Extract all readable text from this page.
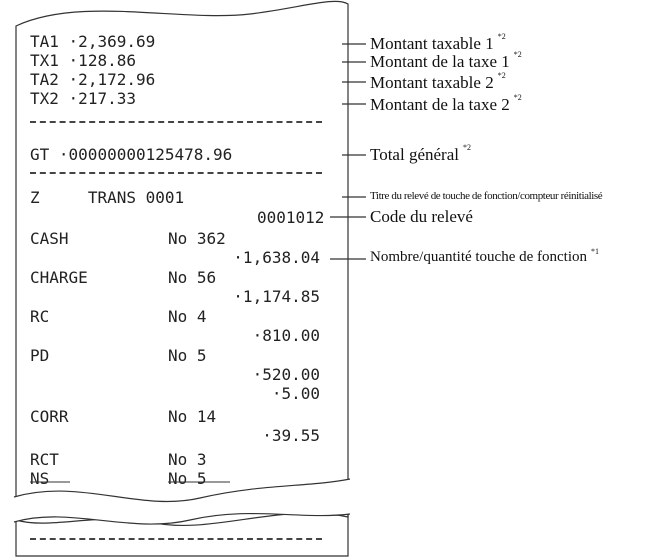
TA1 ·2,369.69
TX1 ·128.86
TA2 ·2,172.96
TX2 ·217.33
GT ·00000000125478.96
Z	TRANS 0001
0001012
CASH	No 362
·1,638.04
CHARGE	No 56
·1,174.85
RC	No 4
·810.00
PD	No 5
·520.00
·5.00
CORR	No 14
·39.55
RCT	No 3
NS	No 5
Montant taxable 1 $^{*2}$
Montant de la taxe 1 $^{*2}$
Montant taxable 2 $^{*2}$
Montant de la taxe 2 $^{*2}$
Total général $^{*2}$
Titre du relevé de touche de fonction/compteur réinitialisé
Code du relevé
Nombre/quantité touche de fonction $^{*1}$
